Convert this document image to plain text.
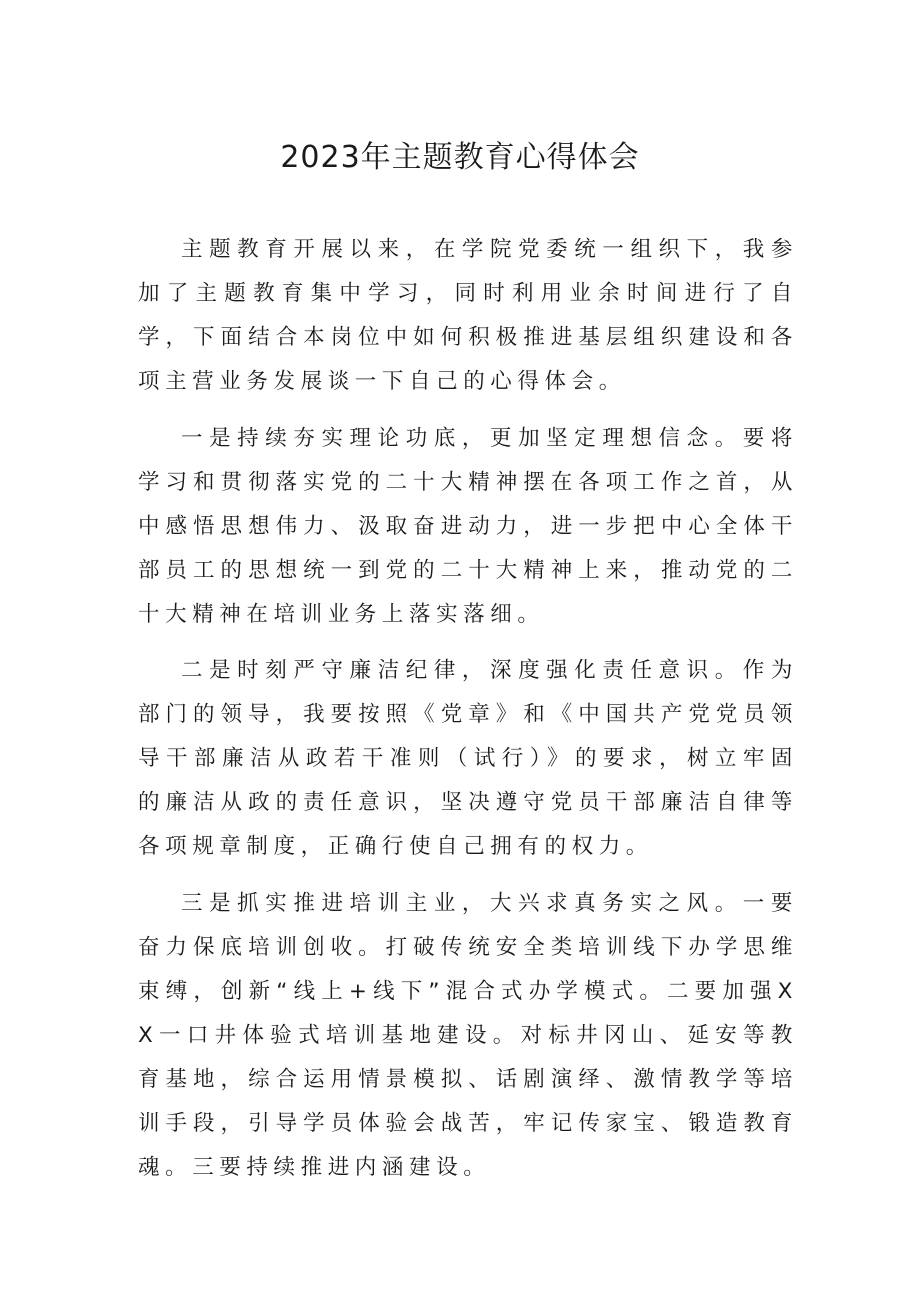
2023年主题教育心得体会

主题教育开展以来，在学院党委统一组织下，我参加了主题教育集中学习，同时利用业余时间进行了自学，下面结合本岗位中如何积极推进基层组织建设和各项主营业务发展谈一下自己的心得体会。

一是持续夯实理论功底，更加坚定理想信念。要将学习和贯彻落实党的二十大精神摆在各项工作之首，从中感悟思想伟力、汲取奋进动力，进一步把中心全体干部员工的思想统一到党的二十大精神上来，推动党的二十大精神在培训业务上落实落细。

二是时刻严守廉洁纪律，深度强化责任意识。作为部门的领导，我要按照《党章》和《中国共产党党员领导干部廉洁从政若干准则（试行）》的要求，树立牢固的廉洁从政的责任意识，坚决遵守党员干部廉洁自律等各项规章制度，正确行使自己拥有的权力。

三是抓实推进培训主业，大兴求真务实之风。一要奋力保底培训创收。打破传统安全类培训线下办学思维束缚，创新“线上+线下”混合式办学模式。二要加强XX一口井体验式培训基地建设。对标井冈山、延安等教育基地，综合运用情景模拟、话剧演绎、激情教学等培训手段，引导学员体验会战苦，牢记传家宝、锻造教育魂。三要持续推进内涵建设。
